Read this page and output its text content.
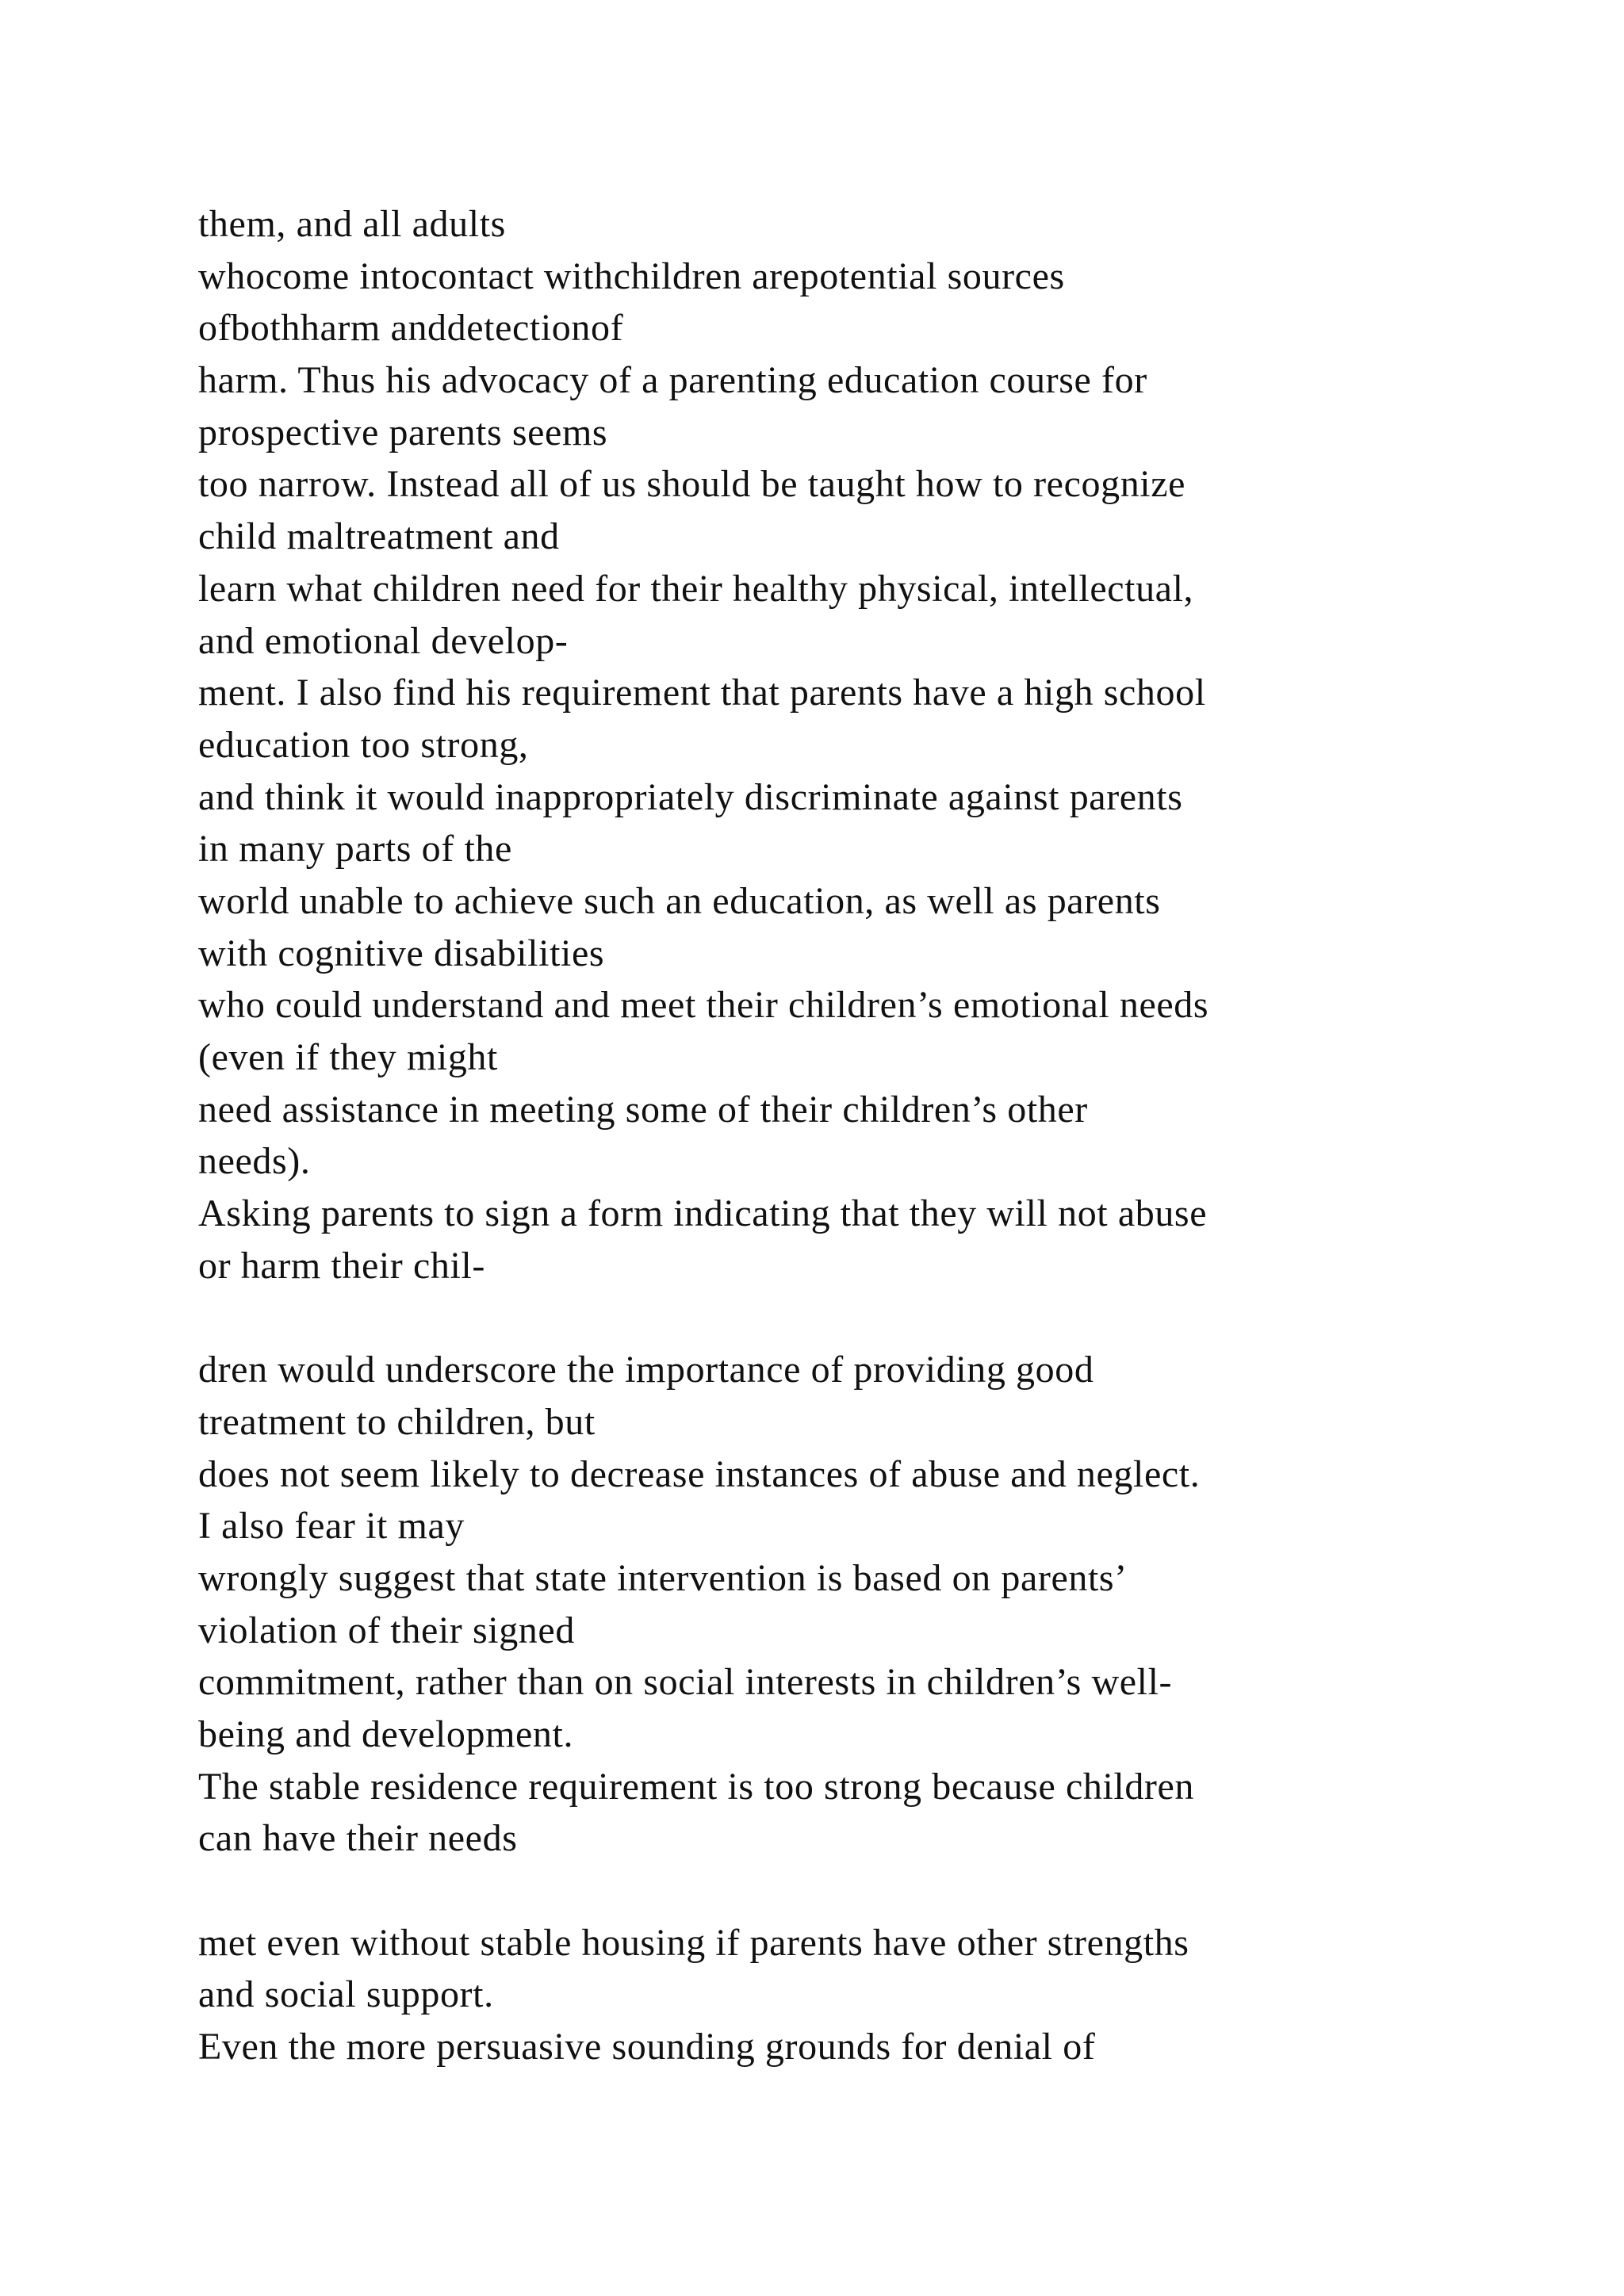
them, and all adults
whocome intocontact withchildren arepotential sources
ofbothharm anddetectionof
harm. Thus his advocacy of a parenting education course for
prospective parents seems
too narrow. Instead all of us should be taught how to recognize
child maltreatment and
learn what children need for their healthy physical, intellectual,
and emotional develop-
ment. I also find his requirement that parents have a high school
education too strong,
and think it would inappropriately discriminate against parents
in many parts of the
world unable to achieve such an education, as well as parents
with cognitive disabilities
who could understand and meet their children’s emotional needs
(even if they might
need assistance in meeting some of their children’s other
needs).
Asking parents to sign a form indicating that they will not abuse
or harm their chil-
dren would underscore the importance of providing good
treatment to children, but
does not seem likely to decrease instances of abuse and neglect.
I also fear it may
wrongly suggest that state intervention is based on parents’
violation of their signed
commitment, rather than on social interests in children’s well-
being and development.
The stable residence requirement is too strong because children
can have their needs
met even without stable housing if parents have other strengths
and social support.
Even the more persuasive sounding grounds for denial of
